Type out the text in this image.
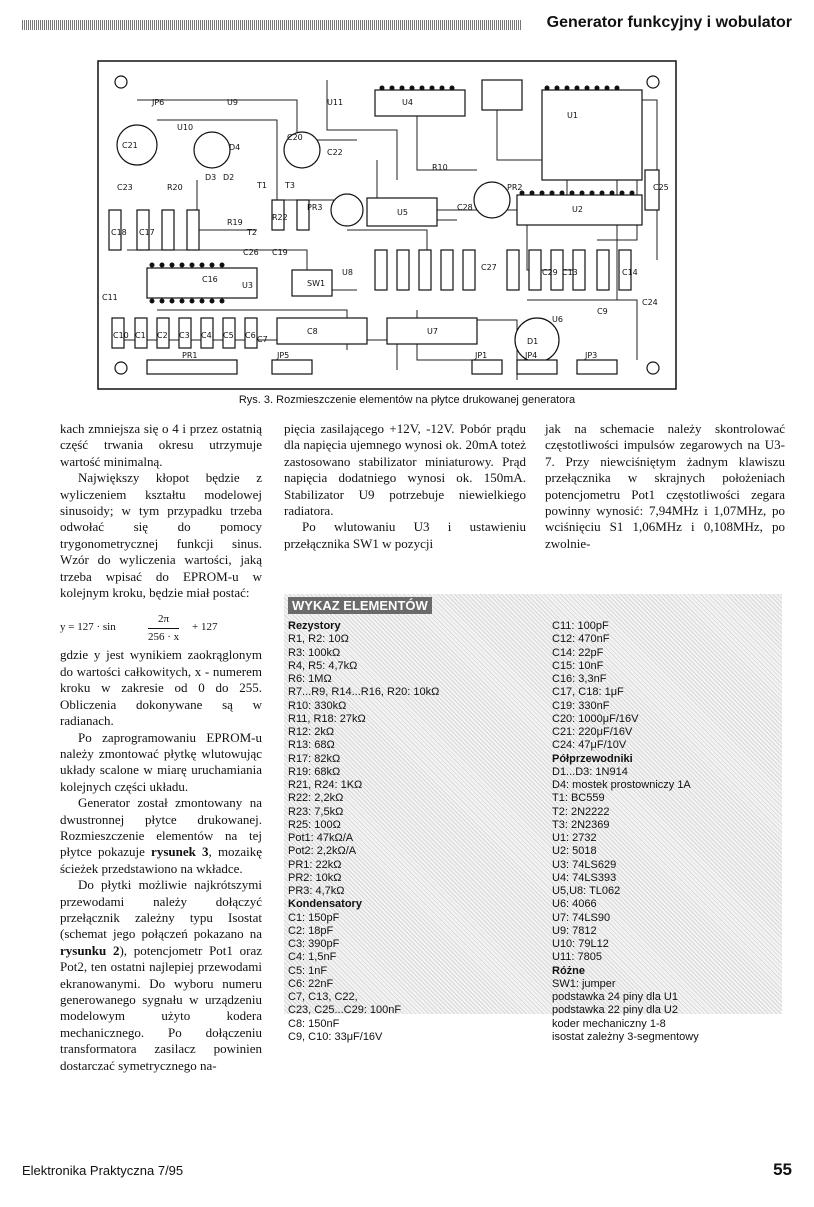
Generator funkcyjny i wobulator
JP6	U9	U11	U4
U1
C21
U10
D4
C20
C22
D3 D2
R10
PR2	C25
C23	R20	T1 T3
PR3
U5
C28	U2
C18 C17	T2
R22
R19
C26 C19
C27
C16
U3	SW1
U8	C29 C13	C14
C11
C24
C10 C1 C2 C3 C4 C5 C6 C7
C8	U7
U6
C9
D1
PR1	JP5	JP1	JP4	JP3
Rys. 3. Rozmieszczenie elementów na płytce drukowanej generatora

kach zmniejsza się o 4 i przez ostatnią część trwania okresu utrzymuje wartość minimalną.

Największy kłopot będzie z wyliczeniem kształtu modelowej sinusoidy; w tym przypadku trzeba odwołać się do pomocy trygonometrycznej funkcji sinus. Wzór do wyliczenia wartości, jaką trzeba wpisać do EPROM-u w kolejnym kroku, będzie miał postać:

y = 127 · sin	$\frac{2\pi}{256 \cdot x} + 127$

gdzie y jest wynikiem zaokrąglonym do wartości całkowitych, x - numerem kroku w zakresie od 0 do 255. Obliczenia dokonywane są w radianach.

Po zaprogramowaniu EPROM-u należy zmontować płytkę wlutowując układy scalone w miarę uruchamiania kolejnych części układu.

Generator został zmontowany na dwustronnej płytce drukowanej. Rozmieszczenie elementów na tej płytce pokazuje rysunek 3, mozaikę ścieżek przedstawiono na wkładce.

Do płytki możliwie najkrótszymi przewodami należy dołączyć przełącznik zależny typu Isostat (schemat jego połączeń pokazano na rysunku 2), potencjometr Pot1 oraz Pot2, ten ostatni najlepiej przewodami ekranowanymi. Do wyboru numeru generowanego sygnału w urządzeniu modelowym użyto kodera mechanicznego. Po dołączeniu transformatora zasilacz powinien dostarczać symetrycznego na-

pięcia zasilającego +12V, -12V. Pobór prądu dla napięcia ujemnego wynosi ok. 20mA toteż zastosowano stabilizator miniaturowy. Prąd napięcia dodatniego wynosi ok. 150mA. Stabilizator U9 potrzebuje niewielkiego radiatora.

Po wlutowaniu U3 i ustawieniu przełącznika SW1 w pozycji

jak na schemacie należy skontrolować częstotliwości impulsów zegarowych na U3-7. Przy niewciśniętym żadnym klawiszu przełącznika w skrajnych położeniach potencjometru Pot1 częstotliwości zegara powinny wynosić: 7,94MHz i 1,07MHz, po wciśnięciu S1 1,06MHz i 0,108MHz, po zwolnie-

WYKAZ ELEMENTÓW
Rezystory
R1, R2: 10Ω
R3: 100kΩ
R4, R5: 4,7kΩ
R6: 1MΩ
R7...R9, R14...R16, R20: 10kΩ
R10: 330kΩ
R11, R18: 27kΩ
R12: 2kΩ
R13: 68Ω
R17: 82kΩ
R19: 68kΩ
R21, R24: 1KΩ
R22: 2,2kΩ
R23: 7,5kΩ
R25: 100Ω
Pot1: 47kΩ/A
Pot2: 2,2kΩ/A
PR1: 22kΩ
PR2: 10kΩ
PR3: 4,7kΩ
Kondensatory
C1: 150pF
C2: 18pF
C3: 390pF
C4: 1,5nF
C5: 1nF
C6: 22nF
C7, C13, C22,
C23, C25...C29: 100nF
C8: 150nF
C9, C10: 33μF/16V
C11: 100pF
C12: 470nF
C14: 22pF
C15: 10nF
C16: 3,3nF
C17, C18: 1μF
C19: 330nF
C20: 1000μF/16V
C21: 220μF/16V
C24: 47μF/10V
Półprzewodniki
D1...D3: 1N914
D4: mostek prostowniczy 1A
T1: BC559
T2: 2N2222
T3: 2N2369
U1: 2732
U2: 5018
U3: 74LS629
U4: 74LS393
U5,U8: TL062
U6: 4066
U7: 74LS90
U9: 7812
U10: 79L12
U11: 7805
Różne
SW1: jumper
podstawka 24 piny dla U1
podstawka 22 piny dla U2
koder mechaniczny 1-8
isostat zależny 3-segmentowy
Elektronika Praktyczna 7/95	55
